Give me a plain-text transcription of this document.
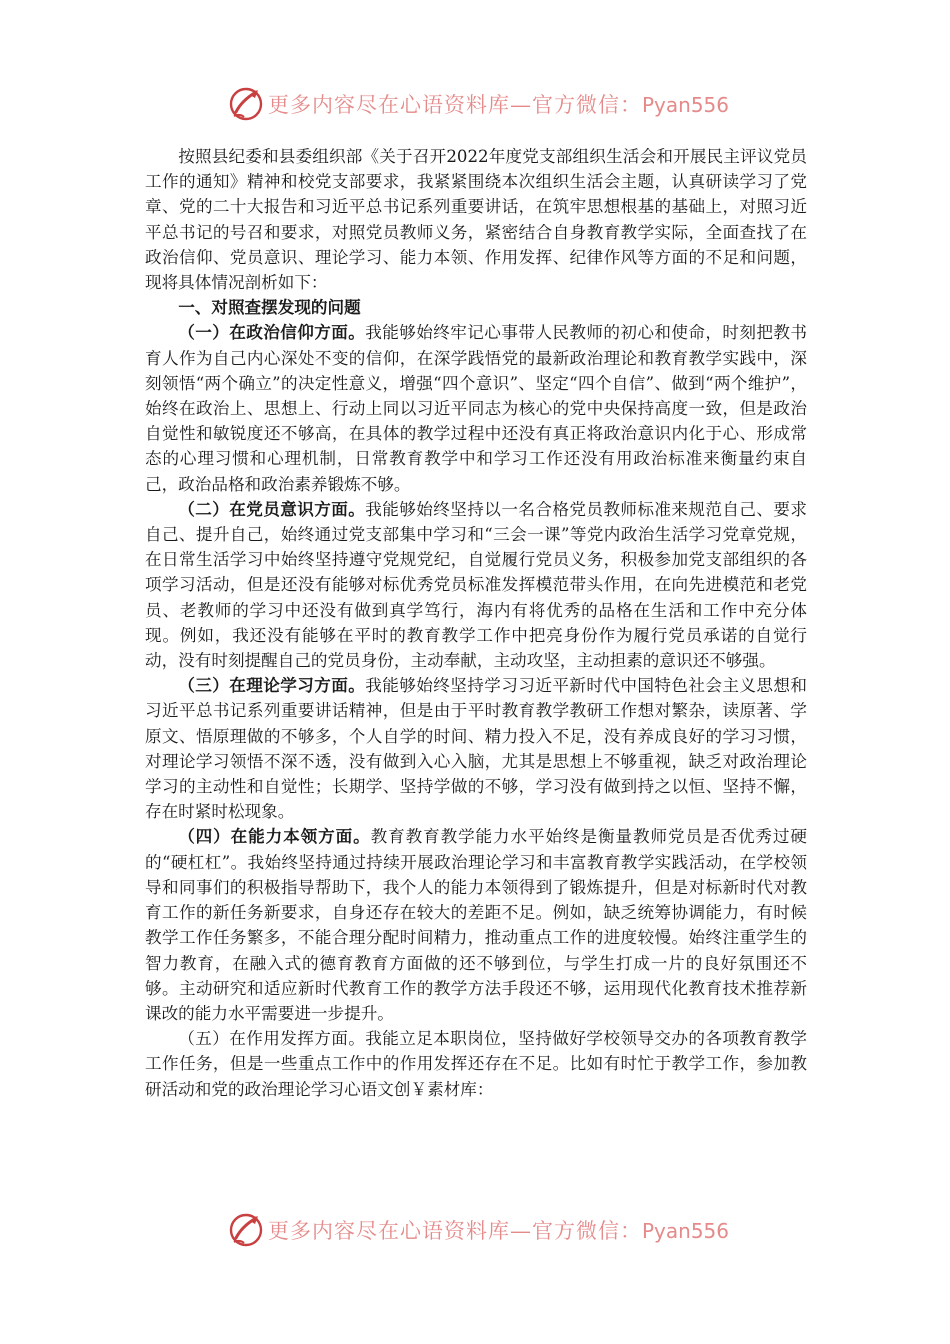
更多内容尽在心语资料库—官方微信：Pyan556

按照县纪委和县委组织部《关于召开2022年度党支部组织生活会和开展民主评议党员工作的通知》精神和校党支部要求，我紧紧围绕本次组织生活会主题，认真研读学习了党章、党的二十大报告和习近平总书记系列重要讲话，在筑牢思想根基的基础上，对照习近平总书记的号召和要求，对照党员教师义务，紧密结合自身教育教学实际，全面查找了在政治信仰、党员意识、理论学习、能力本领、作用发挥、纪律作风等方面的不足和问题，现将具体情况剖析如下：

一、对照查摆发现的问题

（一）在政治信仰方面。我能够始终牢记心事带人民教师的初心和使命，时刻把教书育人作为自己内心深处不变的信仰，在深学践悟党的最新政治理论和教育教学实践中，深刻领悟“两个确立”的决定性意义，增强“四个意识”、坚定“四个自信”、做到“两个维护”，始终在政治上、思想上、行动上同以习近平同志为核心的党中央保持高度一致，但是政治自觉性和敏锐度还不够高，在具体的教学过程中还没有真正将政治意识内化于心、形成常态的心理习惯和心理机制，日常教育教学中和学习工作还没有用政治标准来衡量约束自己，政治品格和政治素养锻炼不够。

（二）在党员意识方面。我能够始终坚持以一名合格党员教师标准来规范自己、要求自己、提升自己，始终通过党支部集中学习和“三会一课”等党内政治生活学习党章党规，在日常生活学习中始终坚持遵守党规党纪，自觉履行党员义务，积极参加党支部组织的各项学习活动，但是还没有能够对标优秀党员标准发挥模范带头作用，在向先进模范和老党员、老教师的学习中还没有做到真学笃行，海内有将优秀的品格在生活和工作中充分体现。例如，我还没有能够在平时的教育教学工作中把亮身份作为履行党员承诺的自觉行动，没有时刻提醒自己的党员身份，主动奉献，主动攻坚，主动担素的意识还不够强。

（三）在理论学习方面。我能够始终坚持学习习近平新时代中国特色社会主义思想和习近平总书记系列重要讲话精神，但是由于平时教育教学教研工作想对繁杂，读原著、学原文、悟原理做的不够多，个人自学的时间、精力投入不足，没有养成良好的学习习惯，对理论学习领悟不深不透，没有做到入心入脑，尤其是思想上不够重视，缺乏对政治理论学习的主动性和自觉性；长期学、坚持学做的不够，学习没有做到持之以恒、坚持不懈，存在时紧时松现象。

（四）在能力本领方面。教育教育教学能力水平始终是衡量教师党员是否优秀过硬的“硬杠杠”。我始终坚持通过持续开展政治理论学习和丰富教育教学实践活动，在学校领导和同事们的积极指导帮助下，我个人的能力本领得到了锻炼提升，但是对标新时代对教育工作的新任务新要求，自身还存在较大的差距不足。例如，缺乏统筹协调能力，有时候教学工作任务繁多，不能合理分配时间精力，推动重点工作的进度较慢。始终注重学生的智力教育，在融入式的德育教育方面做的还不够到位，与学生打成一片的良好氛围还不够。主动研究和适应新时代教育工作的教学方法手段还不够，运用现代化教育技术推荐新课改的能力水平需要进一步提升。

（五）在作用发挥方面。我能立足本职岗位，坚持做好学校领导交办的各项教育教学工作任务，但是一些重点工作中的作用发挥还存在不足。比如有时忙于教学工作，参加教研活动和党的政治理论学习心语文创￥素材库：

更多内容尽在心语资料库—官方微信：Pyan556
